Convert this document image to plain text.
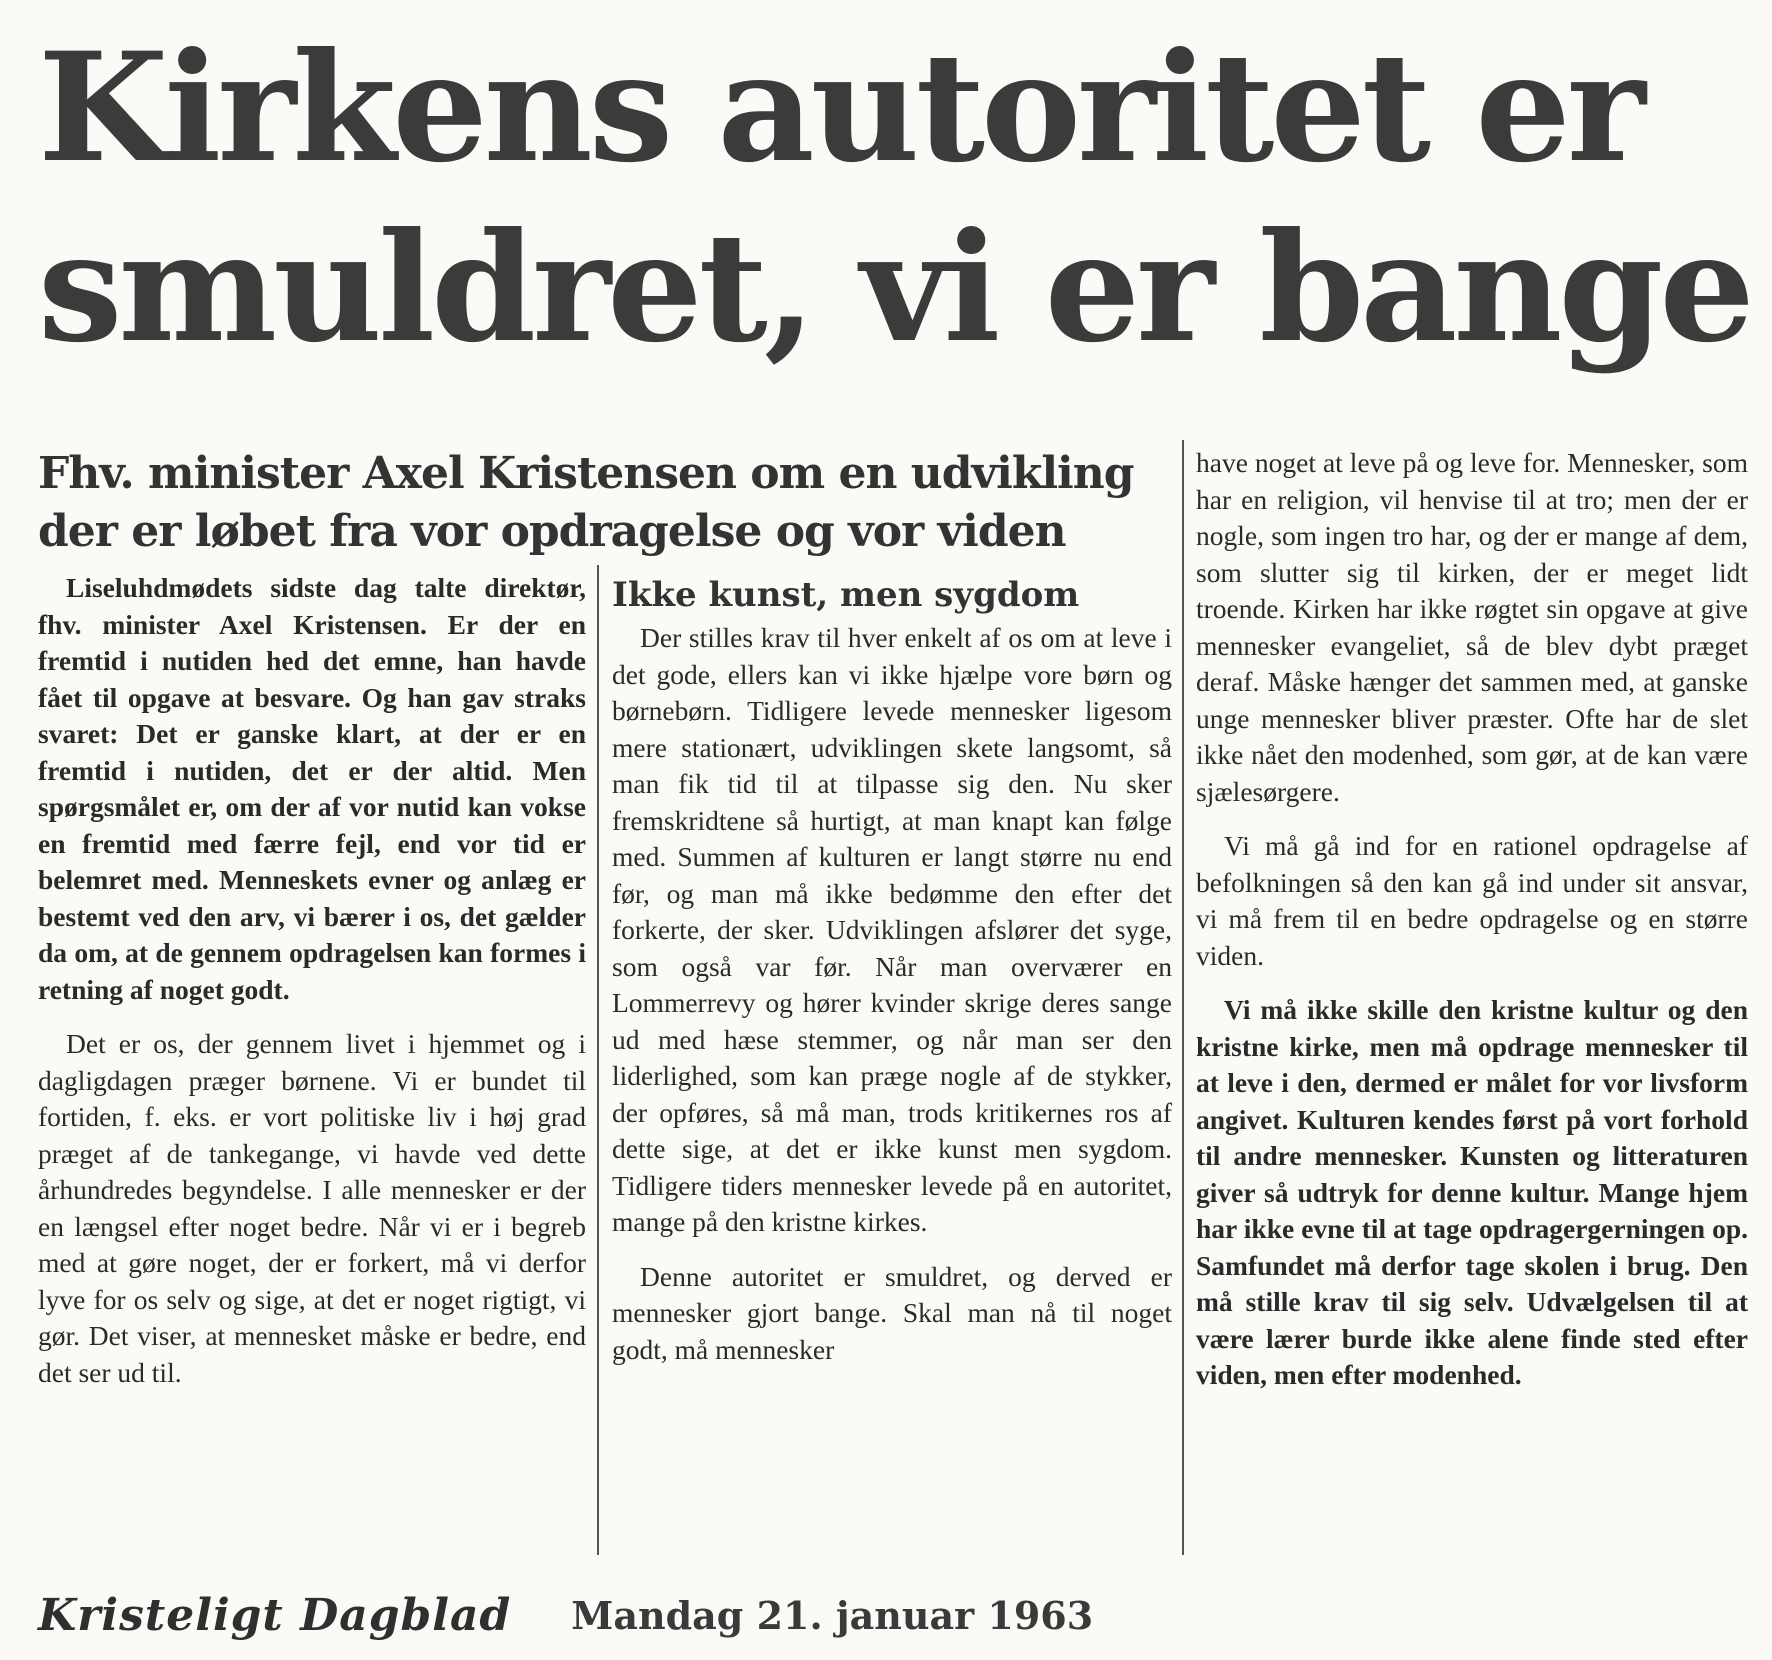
Kirkens autoritet er
smuldret, vi er bange
Fhv. minister Axel Kristensen om en udvikling
der er løbet fra vor opdragelse og vor viden

Liseluhdmødets sidste dag talte direktør, fhv. minister Axel Kristensen. Er der en fremtid i nutiden hed det emne, han havde fået til opgave at besvare. Og han gav straks svaret: Det er ganske klart, at der er en fremtid i nutiden, det er der altid. Men spørgsmålet er, om der af vor nutid kan vokse en fremtid med færre fejl, end vor tid er belemret med. Menneskets evner og anlæg er bestemt ved den arv, vi bærer i os, det gælder da om, at de gennem opdragelsen kan formes i retning af noget godt.

Det er os, der gennem livet i hjemmet og i dagligdagen præger børnene. Vi er bundet til fortiden, f. eks. er vort politiske liv i høj grad præget af de tankegange, vi havde ved dette århundredes begyndelse. I alle mennesker er der en længsel efter noget bedre. Når vi er i begreb med at gøre noget, der er forkert, må vi derfor lyve for os selv og sige, at det er noget rigtigt, vi gør. Det viser, at mennesket måske er bedre, end det ser ud til.

Ikke kunst, men sygdom

Der stilles krav til hver enkelt af os om at leve i det gode, ellers kan vi ikke hjælpe vore børn og børnebørn. Tidligere levede mennesker ligesom mere stationært, udviklingen skete langsomt, så man fik tid til at tilpasse sig den. Nu sker fremskridtene så hurtigt, at man knapt kan følge med. Summen af kulturen er langt større nu end før, og man må ikke bedømme den efter det forkerte, der sker. Udviklingen afslører det syge, som også var før. Når man overværer en Lommerrevy og hører kvinder skrige deres sange ud med hæse stemmer, og når man ser den liderlighed, som kan præge nogle af de stykker, der opføres, så må man, trods kritikernes ros af dette sige, at det er ikke kunst men sygdom. Tidligere tiders mennesker levede på en autoritet, mange på den kristne kirkes.

Denne autoritet er smuldret, og derved er mennesker gjort bange. Skal man nå til noget godt, må mennesker

have noget at leve på og leve for. Mennesker, som har en religion, vil henvise til at tro; men der er nogle, som ingen tro har, og der er mange af dem, som slutter sig til kirken, der er meget lidt troende. Kirken har ikke røgtet sin opgave at give mennesker evangeliet, så de blev dybt præget deraf. Måske hænger det sammen med, at ganske unge mennesker bliver præster. Ofte har de slet ikke nået den modenhed, som gør, at de kan være sjælesørgere.

Vi må gå ind for en rationel opdragelse af befolkningen så den kan gå ind under sit ansvar, vi må frem til en bedre opdragelse og en større viden.

Vi må ikke skille den kristne kultur og den kristne kirke, men må opdrage mennesker til at leve i den, dermed er målet for vor livsform angivet. Kulturen kendes først på vort forhold til andre mennesker. Kunsten og litteraturen giver så udtryk for denne kultur. Mange hjem har ikke evne til at tage opdragergerningen op. Samfundet må derfor tage skolen i brug. Den må stille krav til sig selv. Udvælgelsen til at være lærer burde ikke alene finde sted efter viden, men efter modenhed.

Kristeligt Dagblad Mandag 21. januar 1963
